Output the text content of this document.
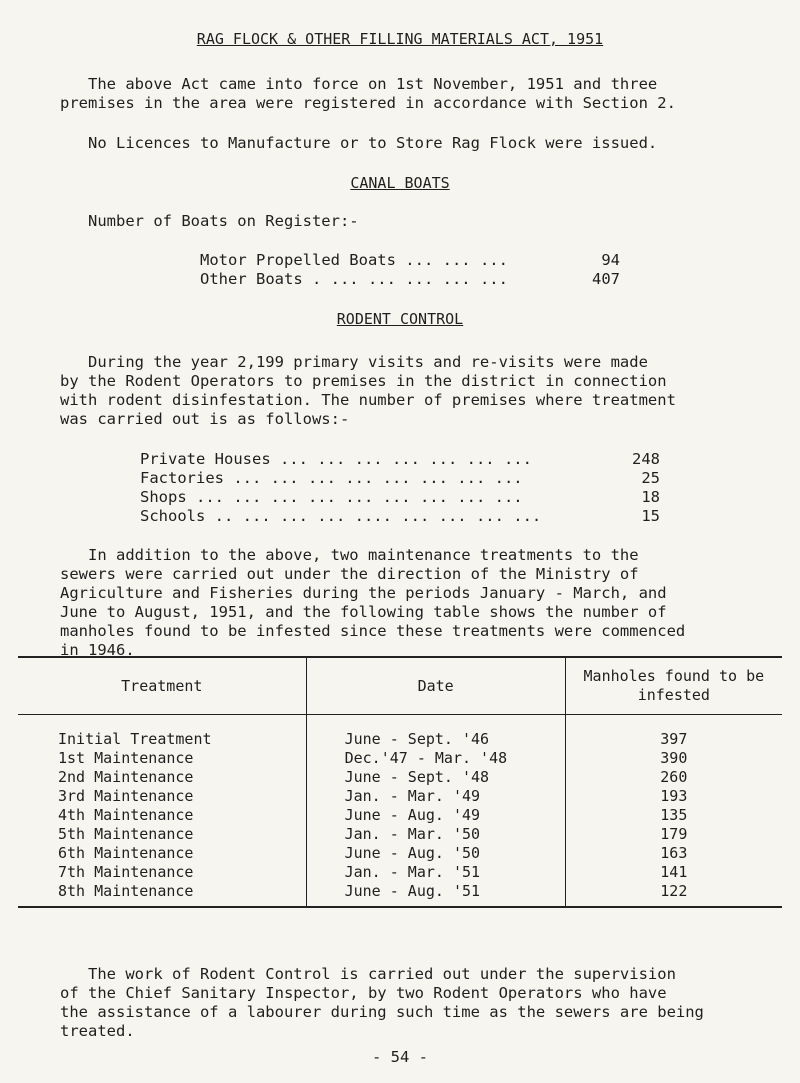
RAG FLOCK & OTHER FILLING MATERIALS ACT, 1951
The above Act came into force on 1st November, 1951 and three
premises in the area were registered in accordance with Section 2.
No Licences to Manufacture or to Store Rag Flock were issued.
CANAL BOATS
Number of Boats on Register:-
Motor Propelled Boats ... ... ...	94
Other Boats . ... ... ... ... ...	407
RODENT CONTROL
During the year 2,199 primary visits and re-visits were made
by the Rodent Operators to premises in the district in connection
with rodent disinfestation. The number of premises where treatment
was carried out is as follows:-
Private Houses ... ... ... ... ... ... ...	248
Factories ... ... ... ... ... ... ... ...	25
Shops ... ... ... ... ... ... ... ... ...	18
Schools .. ... ... ... .... ... ... ... ...	15
In addition to the above, two maintenance treatments to the
sewers were carried out under the direction of the Ministry of
Agriculture and Fisheries during the periods January - March, and
June to August, 1951, and the following table shows the number of
manholes found to be infested since these treatments were commenced
in 1946.
Treatment	Date	Manholes found to be infested
Initial Treatment	June - Sept. '46	397
1st Maintenance	Dec.'47 - Mar. '48	390
2nd Maintenance	June - Sept. '48	260
3rd Maintenance	Jan. - Mar. '49	193
4th Maintenance	June - Aug. '49	135
5th Maintenance	Jan. - Mar. '50	179
6th Maintenance	June - Aug. '50	163
7th Maintenance	Jan. - Mar. '51	141
8th Maintenance	June - Aug. '51	122
The work of Rodent Control is carried out under the supervision
of the Chief Sanitary Inspector, by two Rodent Operators who have
the assistance of a labourer during such time as the sewers are being
treated.
- 54 -
